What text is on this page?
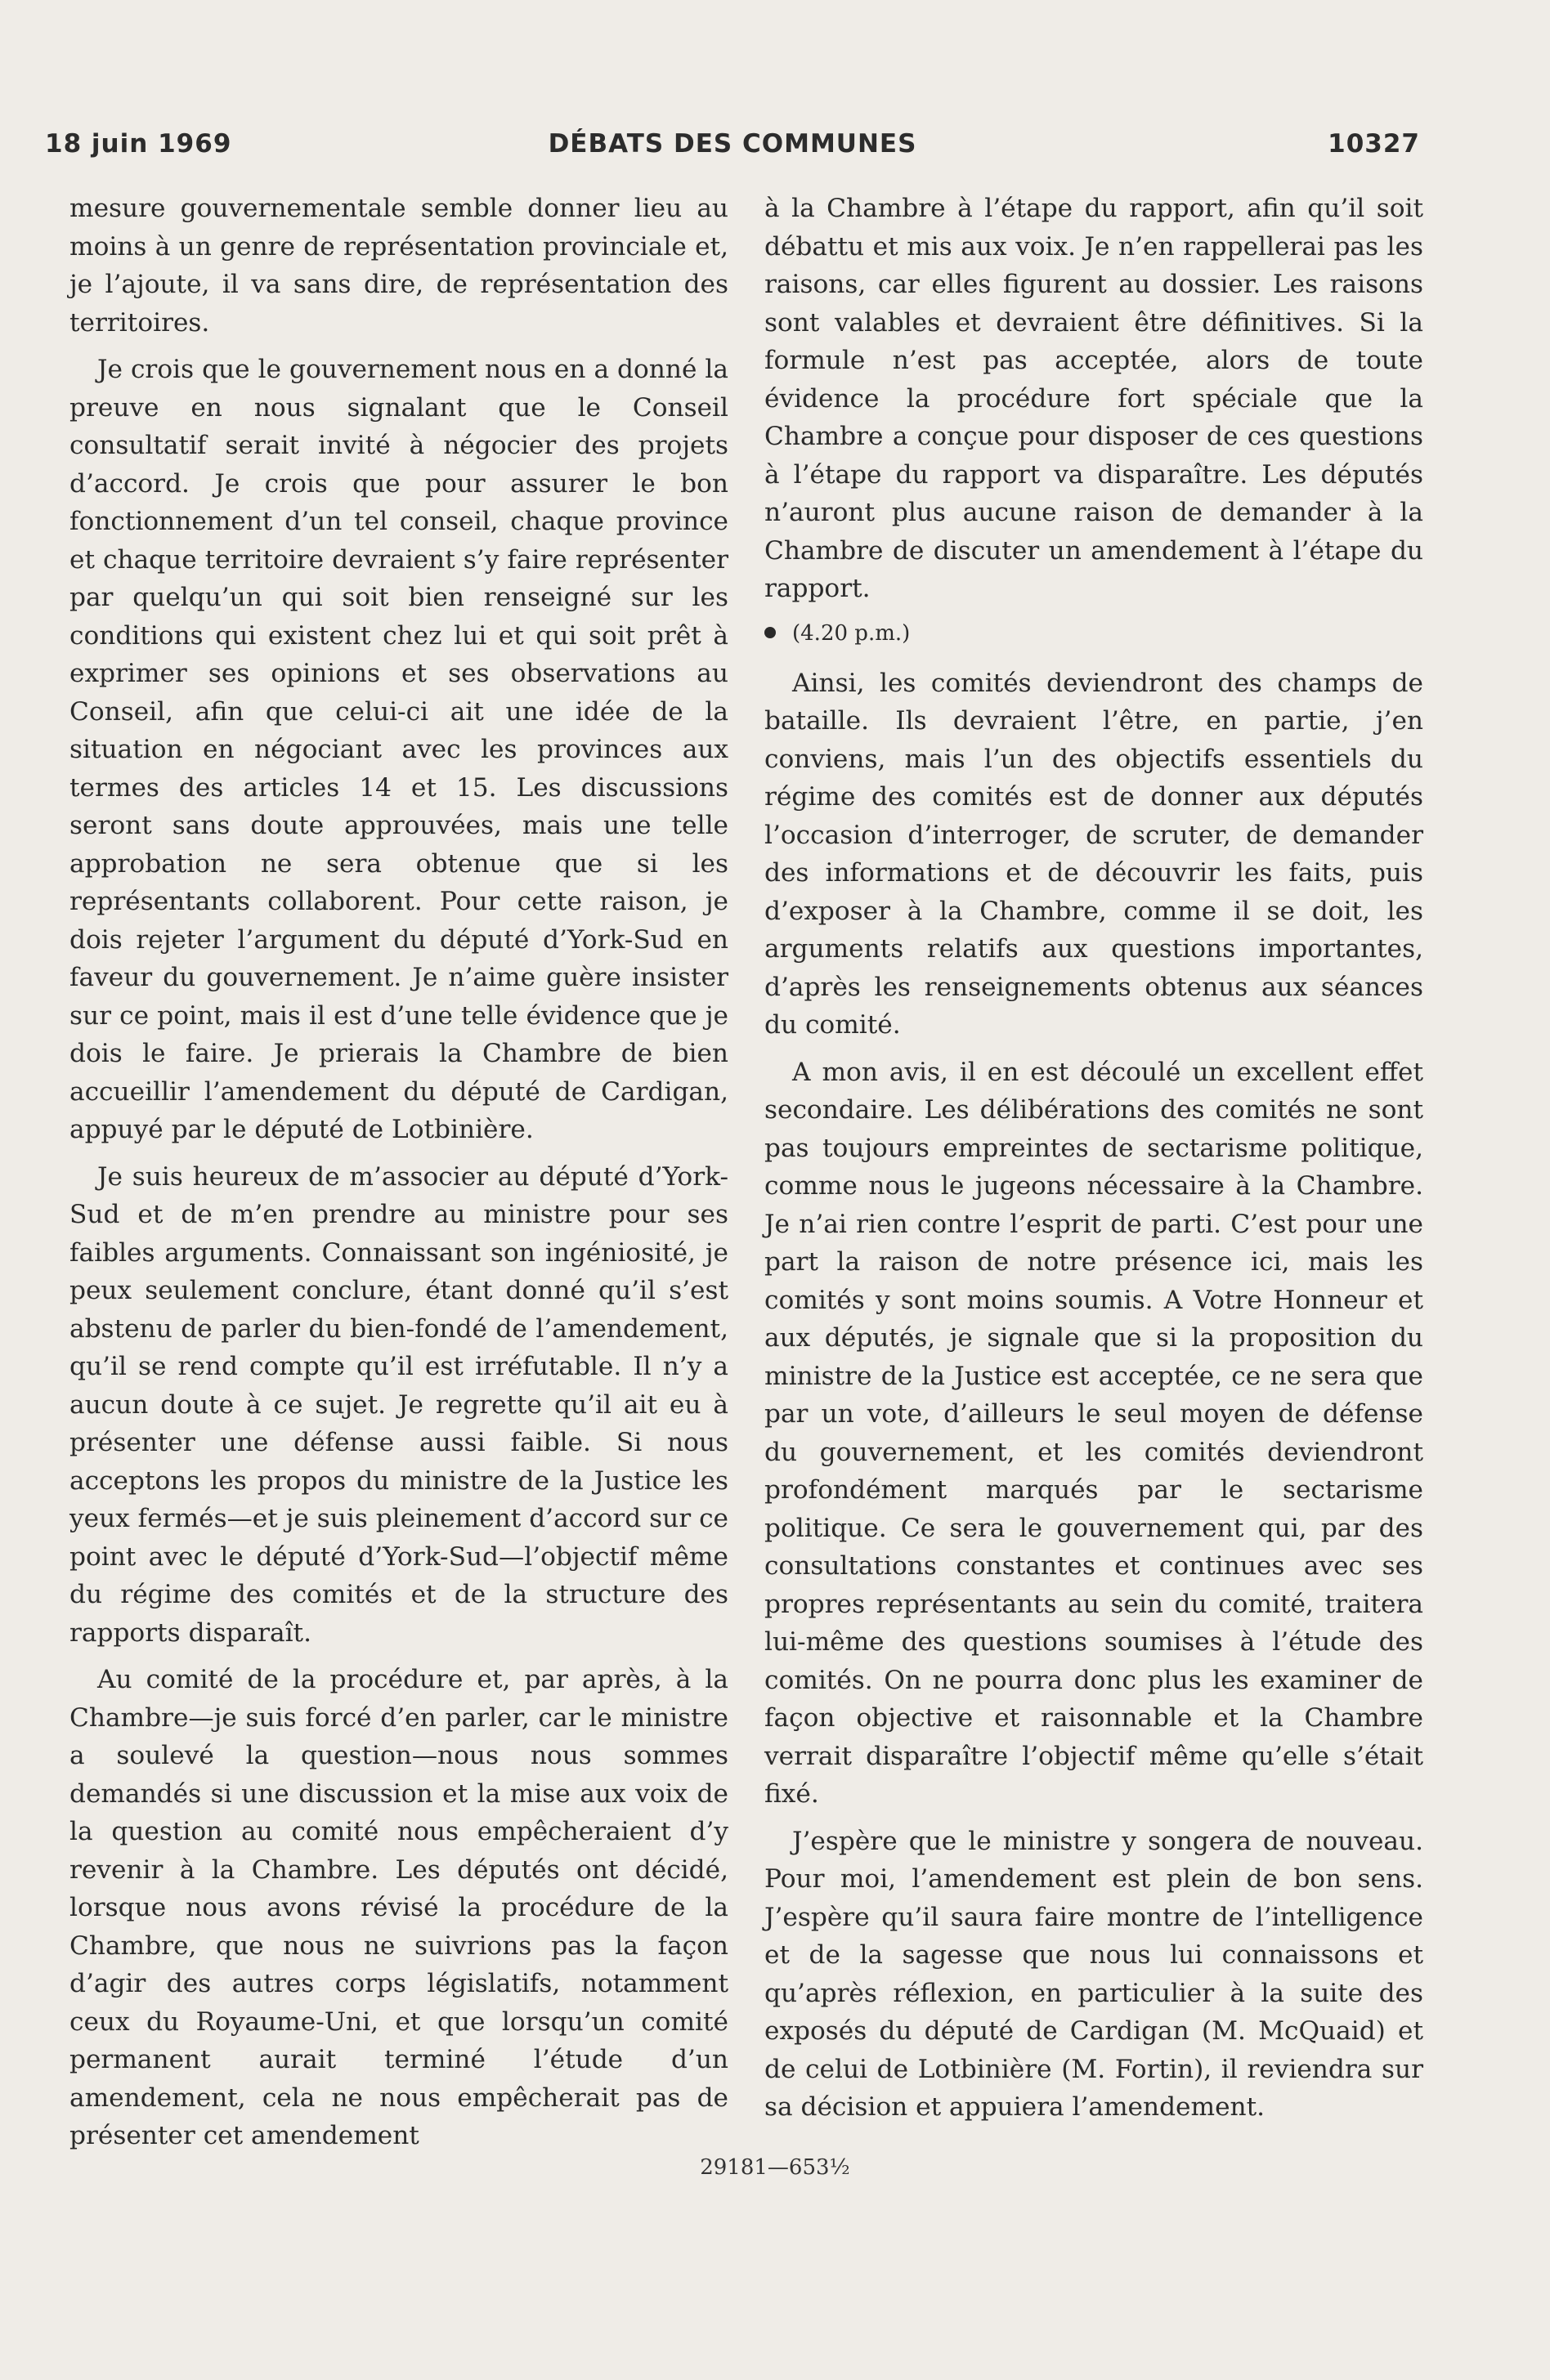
18 juin 1969	DÉBATS DES COMMUNES	10327

mesure gouvernementale semble donner lieu au moins à un genre de représentation provinciale et, je l’ajoute, il va sans dire, de représentation des territoires.

Je crois que le gouvernement nous en a donné la preuve en nous signalant que le Conseil consultatif serait invité à négocier des projets d’accord. Je crois que pour assurer le bon fonctionnement d’un tel conseil, chaque province et chaque territoire devraient s’y faire représenter par quelqu’un qui soit bien renseigné sur les conditions qui existent chez lui et qui soit prêt à exprimer ses opinions et ses observations au Conseil, afin que celui-ci ait une idée de la situation en négociant avec les provinces aux termes des articles 14 et 15. Les discussions seront sans doute approuvées, mais une telle approbation ne sera obtenue que si les représentants collaborent. Pour cette raison, je dois rejeter l’argument du député d’York-Sud en faveur du gouvernement. Je n’aime guère insister sur ce point, mais il est d’une telle évidence que je dois le faire. Je prierais la Chambre de bien accueillir l’amendement du député de Cardigan, appuyé par le député de Lotbinière.

Je suis heureux de m’associer au député d’York-Sud et de m’en prendre au ministre pour ses faibles arguments. Connaissant son ingéniosité, je peux seulement conclure, étant donné qu’il s’est abstenu de parler du bien-fondé de l’amendement, qu’il se rend compte qu’il est irréfutable. Il n’y a aucun doute à ce sujet. Je regrette qu’il ait eu à présenter une défense aussi faible. Si nous acceptons les propos du ministre de la Justice les yeux fermés—et je suis pleinement d’accord sur ce point avec le député d’York-Sud—l’objectif même du régime des comités et de la structure des rapports disparaît.

Au comité de la procédure et, par après, à la Chambre—je suis forcé d’en parler, car le ministre a soulevé la question—nous nous sommes demandés si une discussion et la mise aux voix de la question au comité nous empêcheraient d’y revenir à la Chambre. Les députés ont décidé, lorsque nous avons révisé la procédure de la Chambre, que nous ne suivrions pas la façon d’agir des autres corps législatifs, notamment ceux du Royaume-Uni, et que lorsqu’un comité permanent aurait terminé l’étude d’un amendement, cela ne nous empêcherait pas de présenter cet amendement

à la Chambre à l’étape du rapport, afin qu’il soit débattu et mis aux voix. Je n’en rappellerai pas les raisons, car elles figurent au dossier. Les raisons sont valables et devraient être définitives. Si la formule n’est pas acceptée, alors de toute évidence la procédure fort spéciale que la Chambre a conçue pour disposer de ces questions à l’étape du rapport va disparaître. Les députés n’auront plus aucune raison de demander à la Chambre de discuter un amendement à l’étape du rapport.

(4.20 p.m.)

Ainsi, les comités deviendront des champs de bataille. Ils devraient l’être, en partie, j’en conviens, mais l’un des objectifs essentiels du régime des comités est de donner aux députés l’occasion d’interroger, de scruter, de demander des informations et de découvrir les faits, puis d’exposer à la Chambre, comme il se doit, les arguments relatifs aux questions importantes, d’après les renseignements obtenus aux séances du comité.

A mon avis, il en est découlé un excellent effet secondaire. Les délibérations des comités ne sont pas toujours empreintes de sectarisme politique, comme nous le jugeons nécessaire à la Chambre. Je n’ai rien contre l’esprit de parti. C’est pour une part la raison de notre présence ici, mais les comités y sont moins soumis. A Votre Honneur et aux députés, je signale que si la proposition du ministre de la Justice est acceptée, ce ne sera que par un vote, d’ailleurs le seul moyen de défense du gouvernement, et les comités deviendront profondément marqués par le sectarisme politique. Ce sera le gouvernement qui, par des consultations constantes et continues avec ses propres représentants au sein du comité, traitera lui-même des questions soumises à l’étude des comités. On ne pourra donc plus les examiner de façon objective et raisonnable et la Chambre verrait disparaître l’objectif même qu’elle s’était fixé.

J’espère que le ministre y songera de nouveau. Pour moi, l’amendement est plein de bon sens. J’espère qu’il saura faire montre de l’intelligence et de la sagesse que nous lui connaissons et qu’après réflexion, en particulier à la suite des exposés du député de Cardigan (M. McQuaid) et de celui de Lotbinière (M. Fortin), il reviendra sur sa décision et appuiera l’amendement.

29181—653½
